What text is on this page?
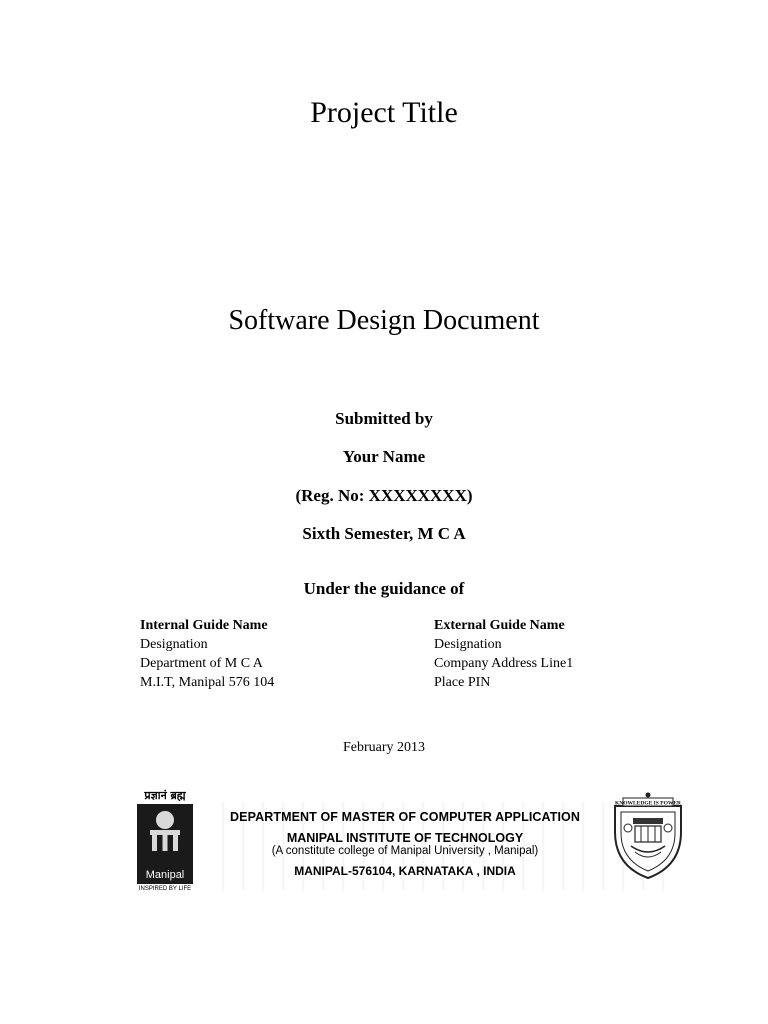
Project Title
Software Design Document
Submitted by
Your Name
(Reg. No: XXXXXXXX)
Sixth Semester, M C A
Under the guidance of
Internal Guide Name
Designation
Department of M C A
M.I.T, Manipal 576 104
External Guide Name
Designation
Company Address Line1
Place PIN
February 2013
प्रज्ञानं ब्रह्म
Manipal
INSPIRED BY LIFE
DEPARTMENT OF MASTER OF COMPUTER APPLICATION
MANIPAL INSTITUTE OF TECHNOLOGY
(A constitute college of Manipal University , Manipal)
MANIPAL-576104, KARNATAKA , INDIA
KNOWLEDGE IS POWER
